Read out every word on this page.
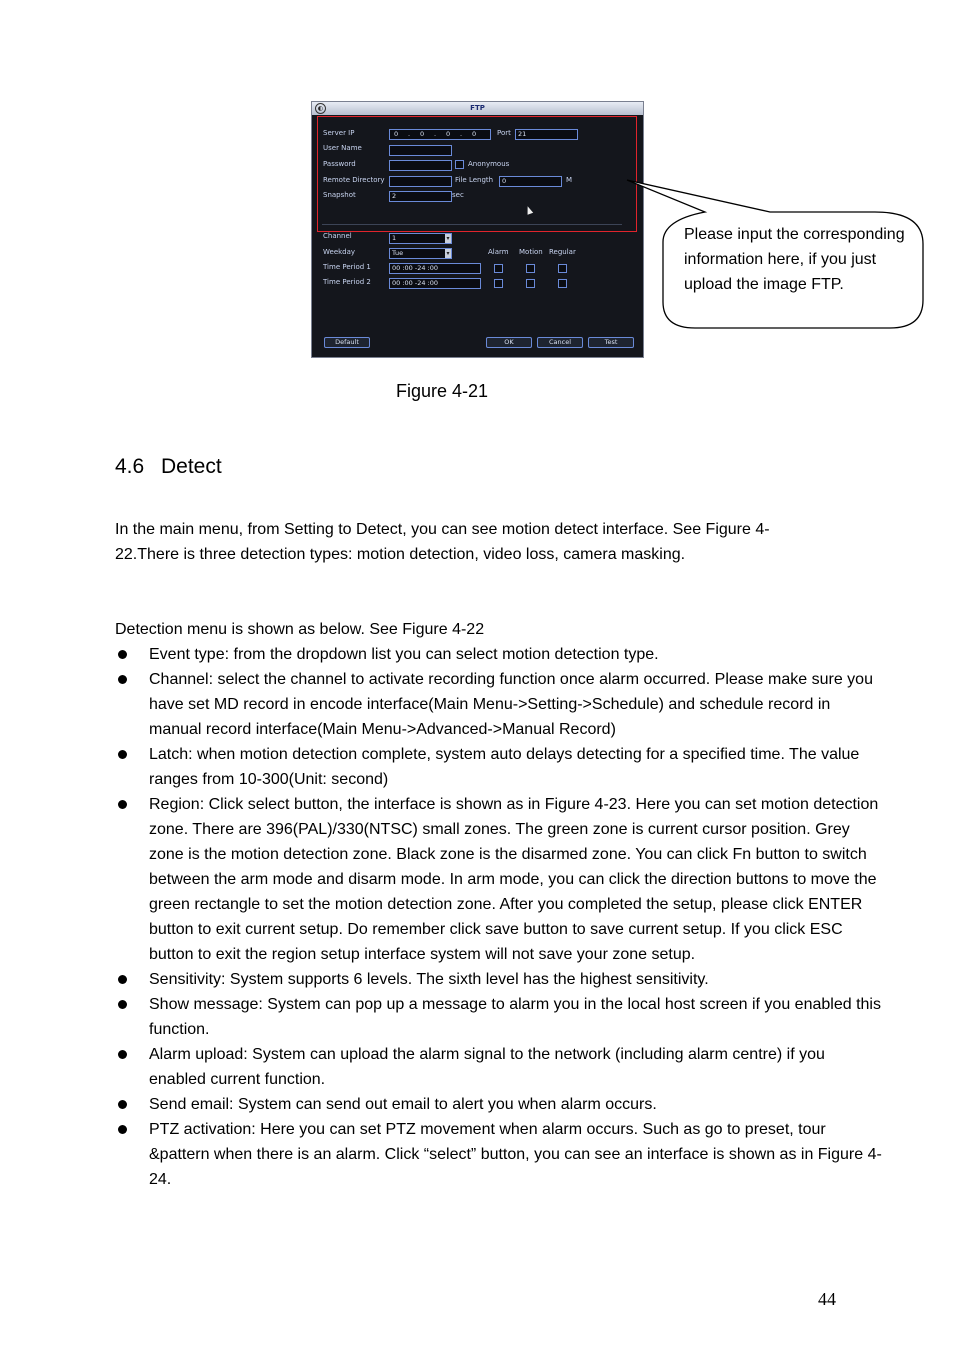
◐	FTP
Server IP	0 . 0 . 0 . 0	Port	21
User Name
Password	Anonymous
Remote Directory	File Length	0	M
Snapshot	2	sec
Channel	1 ▾
Weekday	Tue ▾	Alarm Motion Regular
Time Period 1	00 :00 -24 :00
Time Period 2	00 :00 -24 :00
Default	OK	Cancel	Test
Please input the corresponding information here, if you just upload the image FTP.
Figure 4-21
4.6 Detect
In the main menu, from Setting to Detect, you can see motion detect interface. See Figure 4-22.There is three detection types: motion detection, video loss, camera masking.
Detection menu is shown as below. See Figure 4-22
Event type: from the dropdown list you can select motion detection type.
Channel: select the channel to activate recording function once alarm occurred. Please make sure you have set MD record in encode interface(Main Menu->Setting->Schedule) and schedule record in manual record interface(Main Menu->Advanced->Manual Record)
Latch: when motion detection complete, system auto delays detecting for a specified time. The value ranges from 10-300(Unit: second)
Region: Click select button, the interface is shown as in Figure 4-23. Here you can set motion detection zone. There are 396(PAL)/330(NTSC) small zones. The green zone is current cursor position. Grey zone is the motion detection zone. Black zone is the disarmed zone. You can click Fn button to switch between the arm mode and disarm mode. In arm mode, you can click the direction buttons to move the green rectangle to set the motion detection zone. After you completed the setup, please click ENTER button to exit current setup. Do remember click save button to save current setup. If you click ESC button to exit the region setup interface system will not save your zone setup.
Sensitivity: System supports 6 levels. The sixth level has the highest sensitivity.
Show message: System can pop up a message to alarm you in the local host screen if you enabled this function.
Alarm upload: System can upload the alarm signal to the network (including alarm centre) if you enabled current function.
Send email: System can send out email to alert you when alarm occurs.
PTZ activation: Here you can set PTZ movement when alarm occurs. Such as go to preset, tour &pattern when there is an alarm. Click “select” button, you can see an interface is shown as in Figure 4-24.
44
